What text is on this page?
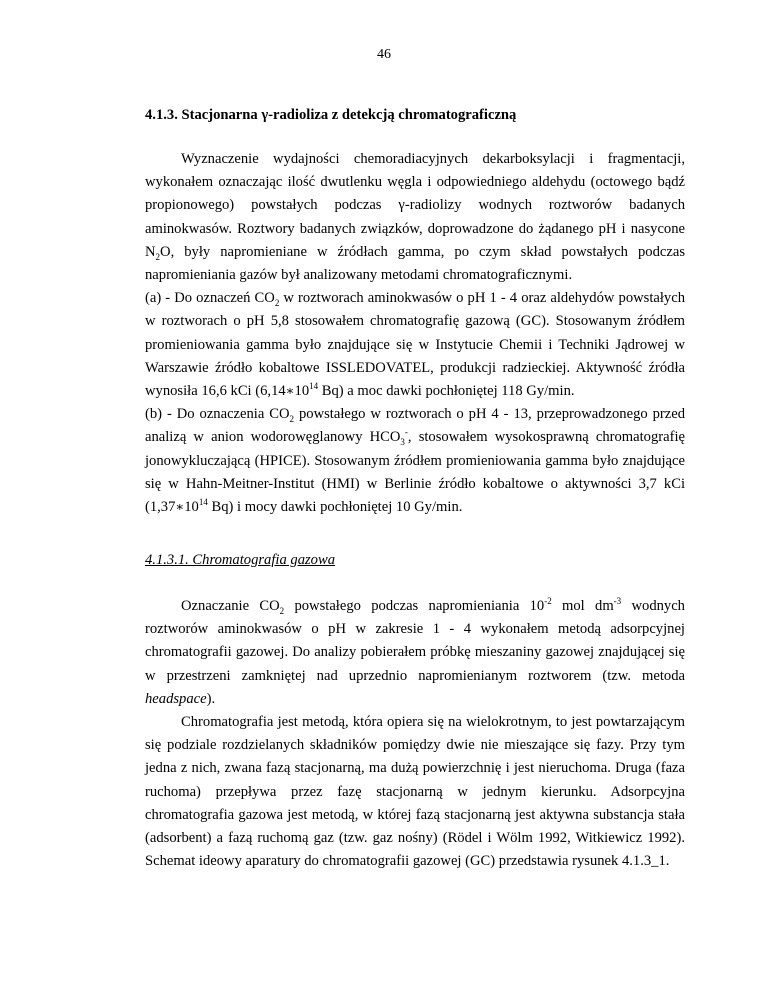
46
4.1.3. Stacjonarna γ-radioliza z detekcją chromatograficzną

Wyznaczenie wydajności chemoradiacyjnych dekarboksylacji i fragmentacji, wykonałem oznaczając ilość dwutlenku węgla i odpowiedniego aldehydu (octowego bądź propionowego) powstałych podczas γ-radiolizy wodnych roztworów badanych aminokwasów. Roztwory badanych związków, doprowadzone do żądanego pH i nasycone $N_2O$, były napromieniane w źródłach gamma, po czym skład powstałych podczas napromieniania gazów był analizowany metodami chromatograficznymi.

(a) - Do oznaczeń $CO_2$ w roztworach aminokwasów o pH 1 - 4 oraz aldehydów powstałych w roztworach o pH 5,8 stosowałem chromatografię gazową (GC). Stosowanym źródłem promieniowania gamma było znajdujące się w Instytucie Chemii i Techniki Jądrowej w Warszawie źródło kobaltowe ISSLEDOVATEL, produkcji radzieckiej. Aktywność źródła wynosiła 16,6 kCi ($6,14∗10^{14}$ Bq) a moc dawki pochłoniętej 118 Gy/min.

(b) - Do oznaczenia $CO_2$ powstałego w roztworach o pH 4 - 13, przeprowadzonego przed analizą w anion wodorowęglanowy $HCO_3^-$, stosowałem wysokosprawną chromatografię jonowykluczającą (HPICE). Stosowanym źródłem promieniowania gamma było znajdujące się w Hahn-Meitner-Institut (HMI) w Berlinie źródło kobaltowe o aktywności 3,7 kCi ($1,37∗10^{14}$ Bq) i mocy dawki pochłoniętej 10 Gy/min.

4.1.3.1. Chromatografia gazowa

Oznaczanie $CO_2$ powstałego podczas napromieniania $10^{-2}$ mol $dm^{-3}$ wodnych roztworów aminokwasów o pH w zakresie 1 - 4 wykonałem metodą adsorpcyjnej chromatografii gazowej. Do analizy pobierałem próbkę mieszaniny gazowej znajdującej się w przestrzeni zamkniętej nad uprzednio napromienianym roztworem (tzw. metoda headspace).

Chromatografia jest metodą, która opiera się na wielokrotnym, to jest powtarzającym się podziale rozdzielanych składników pomiędzy dwie nie mieszające się fazy. Przy tym jedna z nich, zwana fazą stacjonarną, ma dużą powierzchnię i jest nieruchoma. Druga (faza ruchoma) przepływa przez fazę stacjonarną w jednym kierunku. Adsorpcyjna chromatografia gazowa jest metodą, w której fazą stacjonarną jest aktywna substancja stała (adsorbent) a fazą ruchomą gaz (tzw. gaz nośny) (Rödel i Wölm 1992, Witkiewicz 1992). Schemat ideowy aparatury do chromatografii gazowej (GC) przedstawia rysunek 4.1.3_1.
